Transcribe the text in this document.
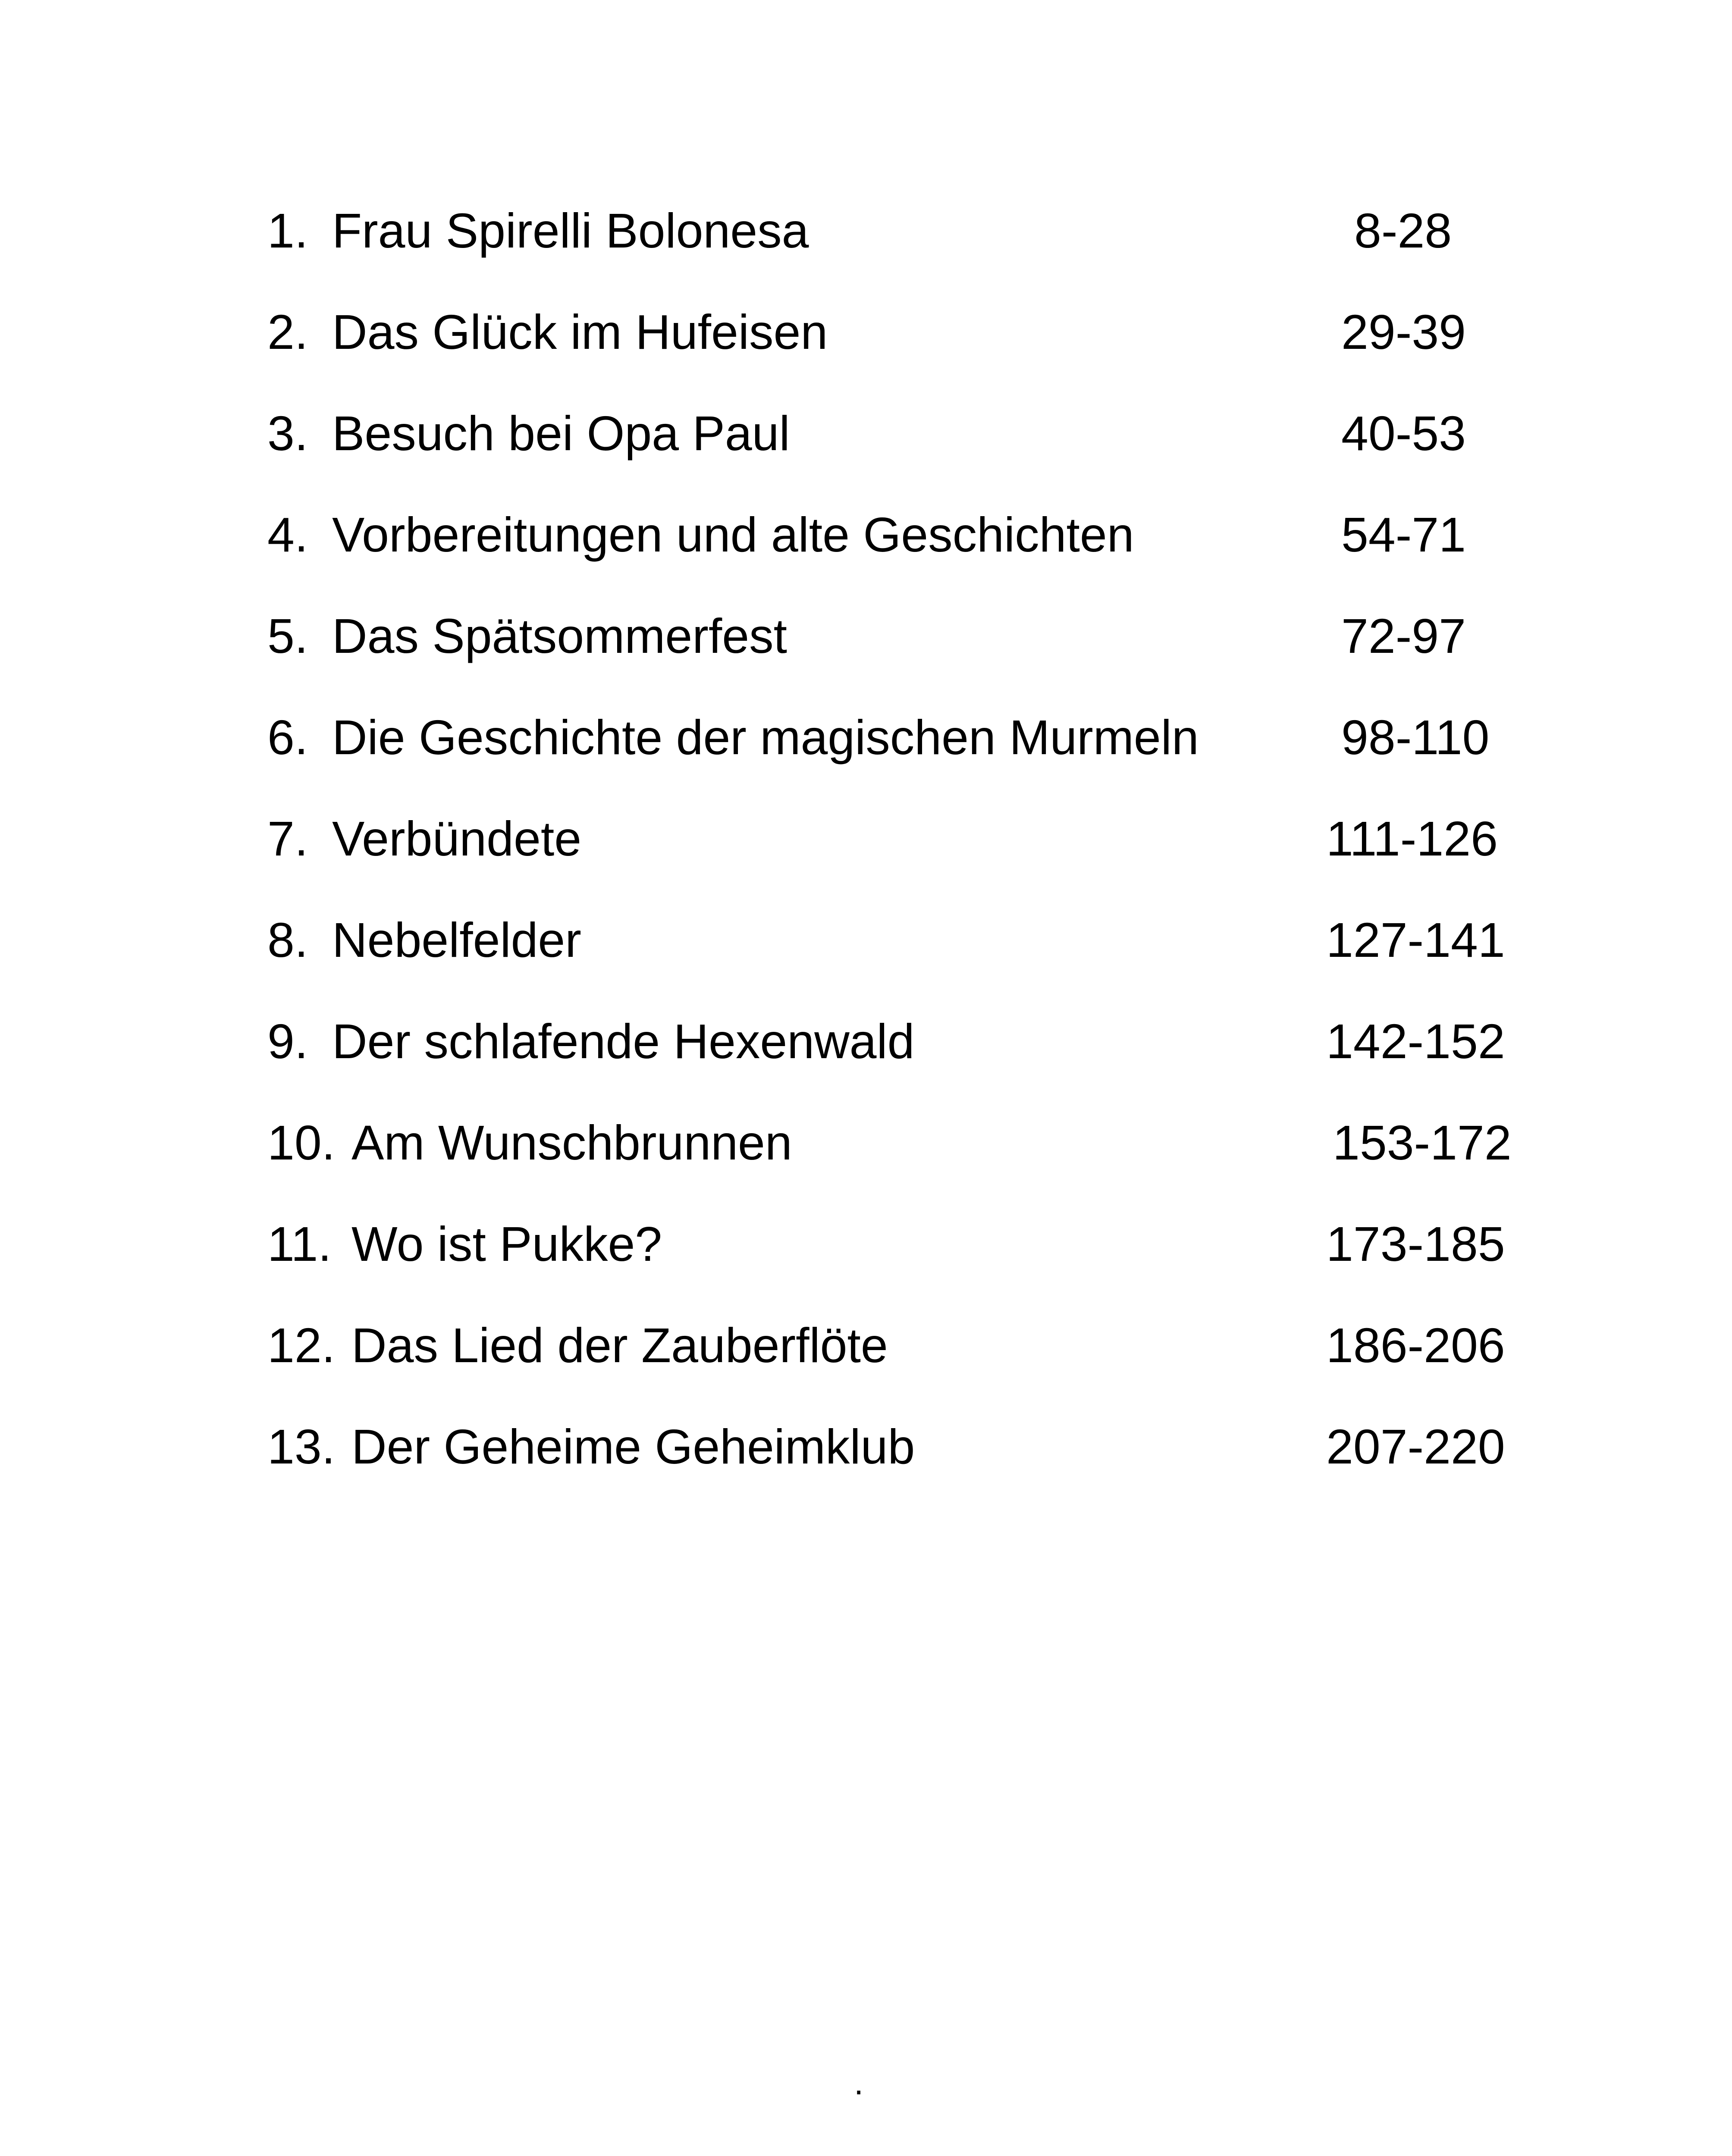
1. Frau Spirelli Bolonesa	8-28
2. Das Glück im Hufeisen	29-39
3. Besuch bei Opa Paul	40-53
4. Vorbereitungen und alte Geschichten	54-71
5. Das Spätsommerfest	72-97
6. Die Geschichte der magischen Murmeln	98-110
7. Verbündete	111-126
8. Nebelfelder	127-141
9. Der schlafende Hexenwald	142-152
10. Am Wunschbrunnen	153-172
11. Wo ist Pukke?	173-185
12. Das Lied der Zauberflöte	186-206
13. Der Geheime Geheimklub	207-220
.
